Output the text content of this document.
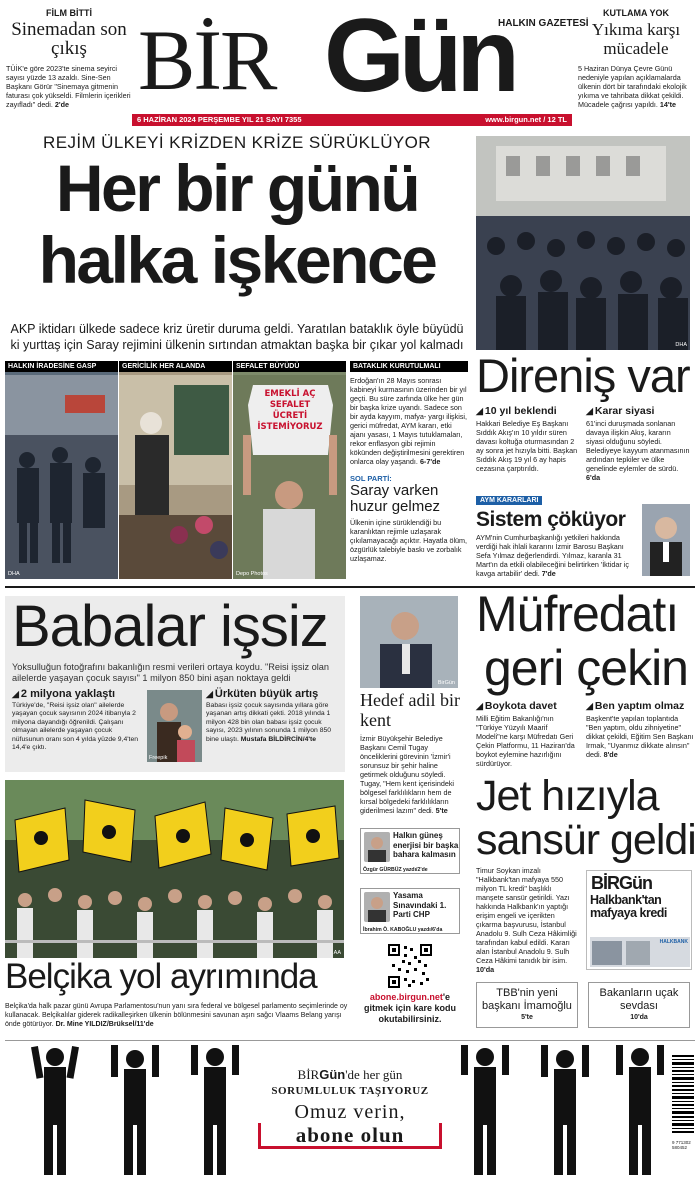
FİLM BİTTİ
Sinemadan son çıkış
TÜİK'e göre 2023'te sinema seyirci sayısı yüzde 13 azaldı. Sine-Sen Başkanı Görür "Sinemaya gitmenin faturası çok yükseldi. Filmlerin içerikleri zayıfladı" dedi. 2'de BİR Gün
HALKIN GAZETESİ
KUTLAMA YOK
Yıkıma karşı mücadele
5 Haziran Dünya Çevre Günü nedeniyle yapılan açıklamalarda ülkenin dört bir tarafındaki ekolojik yıkıma ve tahribata dikkat çekildi. Mücadele çağrısı yapıldı. 14'te
6 HAZİRAN 2024 PERŞEMBE YIL 21 SAYI 7355	www.birgun.net / 12 TL
REJİM ÜLKEYİ KRİZDEN KRİZE SÜRÜKLÜYOR
Her bir günü
halka işkence
AKP iktidarı ülkede sadece kriz üretir duruma geldi. Yaratılan bataklık öyle büyüdü ki yurttaş için Saray rejimini ülkenin sırtından atmaktan başka bir çıkar yol kalmadı
HALKIN İRADESİNE GASP
DHA
GERİCİLİK HER ALANDA	SEFALET BÜYÜDÜ
EMEKLİ AÇ SEFALET ÜCRETİ İSTEMİYORUZ
Depo Photos
BATAKLIK KURUTULMALI
Erdoğan'ın 28 Mayıs sonrası kabineyi kurmasının üzerinden bir yıl geçti. Bu süre zarfında ülke her gün bir başka krize uyandı. Sadece son bir ayda kayyım, mafya- yargı ilişkisi, gerici müfredat, AYM kararı, etki ajanı yasası, 1 Mayıs tutuklamaları, rekor enflasyon gibi rejimin kökünden değiştirilmesini gerektiren onlarca olay yaşandı. 6-7'de
SOL PARTİ:
Saray varken huzur gelmez
Ülkenin içine sürüklendiği bu karanlıktan rejimle uzlaşarak çıkılamayacağı açıktır. Hayatla ölüm, özgürlük talebiyle baskı ve zorbalık uzlaşamaz.
DHA
Direniş var
◢ 10 yıl beklendi
Hakkari Belediye Eş Başkanı Sıddık Akış'ın 10 yıldır süren davası koltuğa oturmasından 2 ay sonra jet hızıyla bitti. Başkan Sıddık Akış 19 yıl 6 ay hapis cezasına çarptırıldı.
◢ Karar siyasi
61'inci duruşmada sonlanan davaya ilişkin Akış, kararın siyasi olduğunu söyledi. Belediyeye kayyum atanmasının ardından tepkiler ve ülke genelinde eylemler de sürdü. 6'da
AYM KARARLARI
Sistem çöküyor
AYM'nin Cumhurbaşkanlığı yetkileri hakkında verdiği hak ihlali kararını İzmir Barosu Başkanı Sefa Yılmaz değerlendirdi. Yılmaz, karanla 31 Mart'ın da etkili olabileceğini belirtirken 'İktidar iç kavga artabilir' dedi. 7'de
Babalar işsiz
Yoksulluğun fotoğrafını bakanlığın resmi verileri ortaya koydu. "Reisi işsiz olan ailelerde yaşayan çocuk sayısı" 1 milyon 850 bini aşan noktaya geldi
◢ 2 milyona yaklaştı
Türkiye'de, "Reisi işsiz olan" ailelerde yaşayan çocuk sayısının 2024 itibarıyla 2 milyona dayandığı öğrenildi. Çalışanı olmayan ailelerde yaşayan çocuk nüfusunun oranı son 4 yılda yüzde 9,4'ten 14,4'e çıktı.
Freepik
◢ Ürküten büyük artış
Babası işsiz çocuk sayısında yıllara göre yaşanan artış dikkati çekti. 2018 yılında 1 milyon 428 bin olan babası işsiz çocuk sayısı, 2023 yılının sonunda 1 milyon 850 bine ulaştı. Mustafa BİLDİRCİN/4'te
BirGün
Hedef adil bir kent
İzmir Büyükşehir Belediye Başkanı Cemil Tugay önceliklerini görevinin 'İzmir'i sorunsuz bir şehir haline getirmek olduğunu söyledi. Tugay, "Hem kent içerisindeki bölgesel farklılıkların hem de kırsal bölgedeki farklılıkların giderilmesi lazım" dedi. 5'te
Halkın güneş enerjisi bir başka bahara kalmasın
Özgür GÜRBÜZ yazdı/2'de
Yasama Sınavındaki 1. Parti CHP
İbrahim Ö. KABOĞLU yazdı/6'da
abone.birgun.net'e
gitmek için kare kodu okutabilirsiniz.
Müfredatı
geri çekin
◢ Boykota davet
Milli Eğitim Bakanlığı'nın "Türkiye Yüzyılı Maarif Modeli"ne karşı Müfredatı Geri Çekin Platformu, 11 Haziran'da boykot eylemine hazırlığını sürdürüyor.
◢ Ben yaptım olmaz
Başkent'te yapılan toplantıda "Ben yaptım, oldu zihniyetine" dikkat çekildi, Eğitim Sen Başkanı Irmak, "Uyanmız dikkate alınsın" dedi. 8'de
Jet hızıyla
sansür geldi
Timur Soykan imzalı "Halkbank'tan mafyaya 550 milyon TL kredi" başlıklı manşete sansür getirildi. Yazı hakkında Halkbank'ın yaptığı erişim engeli ve içerikten çıkarma başvurusu, İstanbul Anadolu 9. Sulh Ceza Hâkimliği tarafından kabul edildi. Kararı alan İstanbul Anadolu 9. Sulh Ceza Hâkimi tanıdık bir isim. 10'da
BİRGün
Halkbank'tan mafyaya kredi
HALKBANK
TBB'nin yeni başkanı İmamoğlu
5'te
Bakanların uçak sevdası
10'da
AA
Belçika yol ayrımında
Belçika'da halk pazar günü Avrupa Parlamentosu'nun yanı sıra federal ve bölgesel parlamento seçimlerinde oy kullanacak. Belçikalılar giderek radikalleşirken ülkenin bölünmesini savunan aşırı sağcı Vlaams Belang yarışı önde götürüyor. Dr. Mine YILDIZ/Brüksel/11'de
BİRGün'de her gün
SORUMLULUK TAŞIYORUZ
Omuz verin,
abone olun	9 771302 580452
